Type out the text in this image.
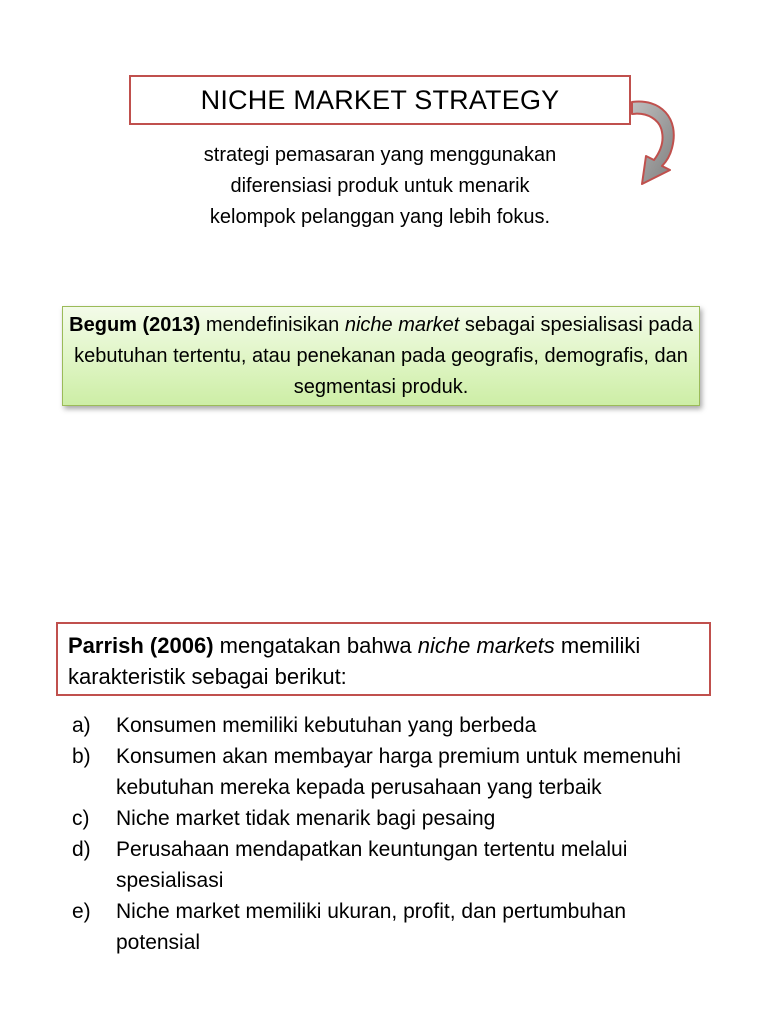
NICHE MARKET STRATEGY
strategi pemasaran yang menggunakan
diferensiasi produk untuk menarik
kelompok pelanggan yang lebih fokus.
Begum (2013) mendefinisikan niche market sebagai spesialisasi pada kebutuhan tertentu, atau penekanan pada geografis, demografis, dan segmentasi produk.
Parrish (2006) mengatakan bahwa niche markets memiliki karakteristik sebagai berikut:
a)	Konsumen memiliki kebutuhan yang berbeda
b)	Konsumen akan membayar harga premium untuk memenuhi kebutuhan mereka kepada perusahaan yang terbaik
c)	Niche market tidak menarik bagi pesaing
d)	Perusahaan mendapatkan keuntungan tertentu melalui spesialisasi
e)	Niche market memiliki ukuran, profit, dan pertumbuhan potensial
